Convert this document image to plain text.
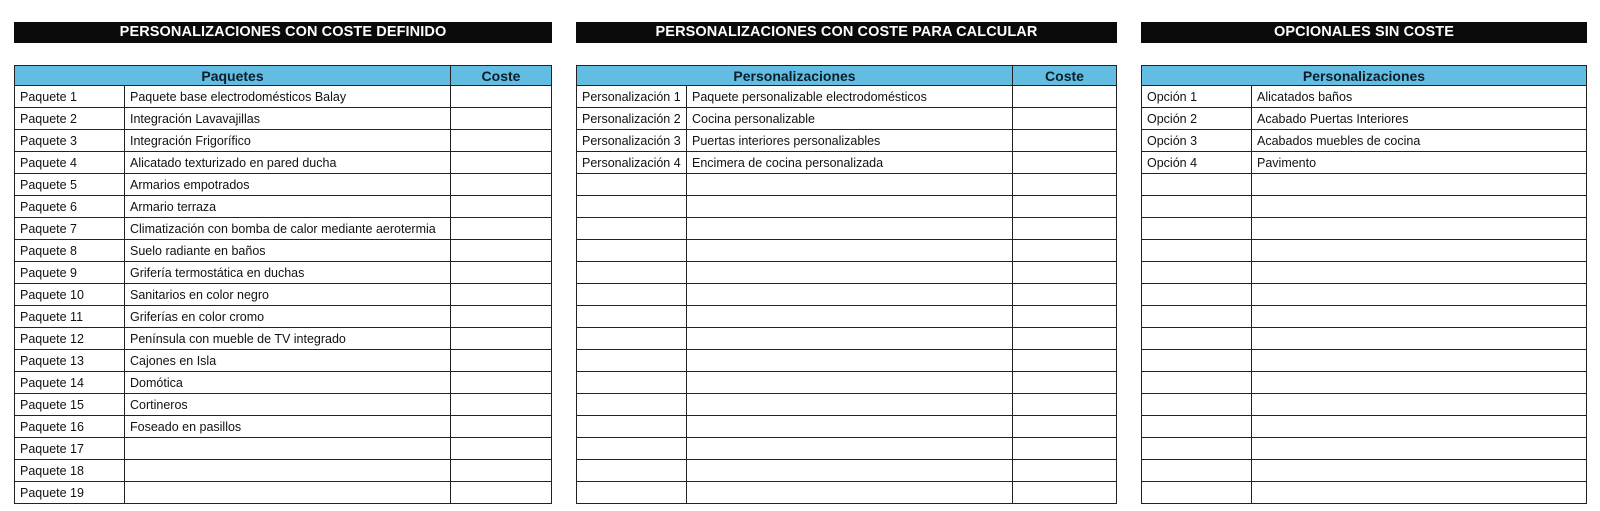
PERSONALIZACIONES CON COSTE DEFINIDO
Paquetes		Coste
Paquete 1	Paquete base electrodomésticos Balay	
Paquete 2	Integración Lavavajillas	
Paquete 3	Integración Frigorífico	
Paquete 4	Alicatado texturizado en pared ducha	
Paquete 5	Armarios empotrados	
Paquete 6	Armario terraza	
Paquete 7	Climatización con bomba de calor mediante aerotermia	
Paquete 8	Suelo radiante en baños	
Paquete 9	Grifería termostática en duchas	
Paquete 10	Sanitarios en color negro	
Paquete 11	Griferías en color cromo	
Paquete 12	Península con mueble de TV integrado	
Paquete 13	Cajones en Isla	
Paquete 14	Domótica	
Paquete 15	Cortineros	
Paquete 16	Foseado en pasillos	
Paquete 17		
Paquete 18		
Paquete 19		
PERSONALIZACIONES CON COSTE PARA CALCULAR
Personalizaciones		Coste
Personalización 1	Paquete personalizable electrodomésticos	
Personalización 2	Cocina personalizable	
Personalización 3	Puertas interiores personalizables	
Personalización 4	Encimera de cocina personalizada	

OPCIONALES SIN COSTE
Personalizaciones	
Opción 1	Alicatados baños
Opción 2	Acabado Puertas Interiores
Opción 3	Acabados muebles de cocina
Opción 4	Pavimento
